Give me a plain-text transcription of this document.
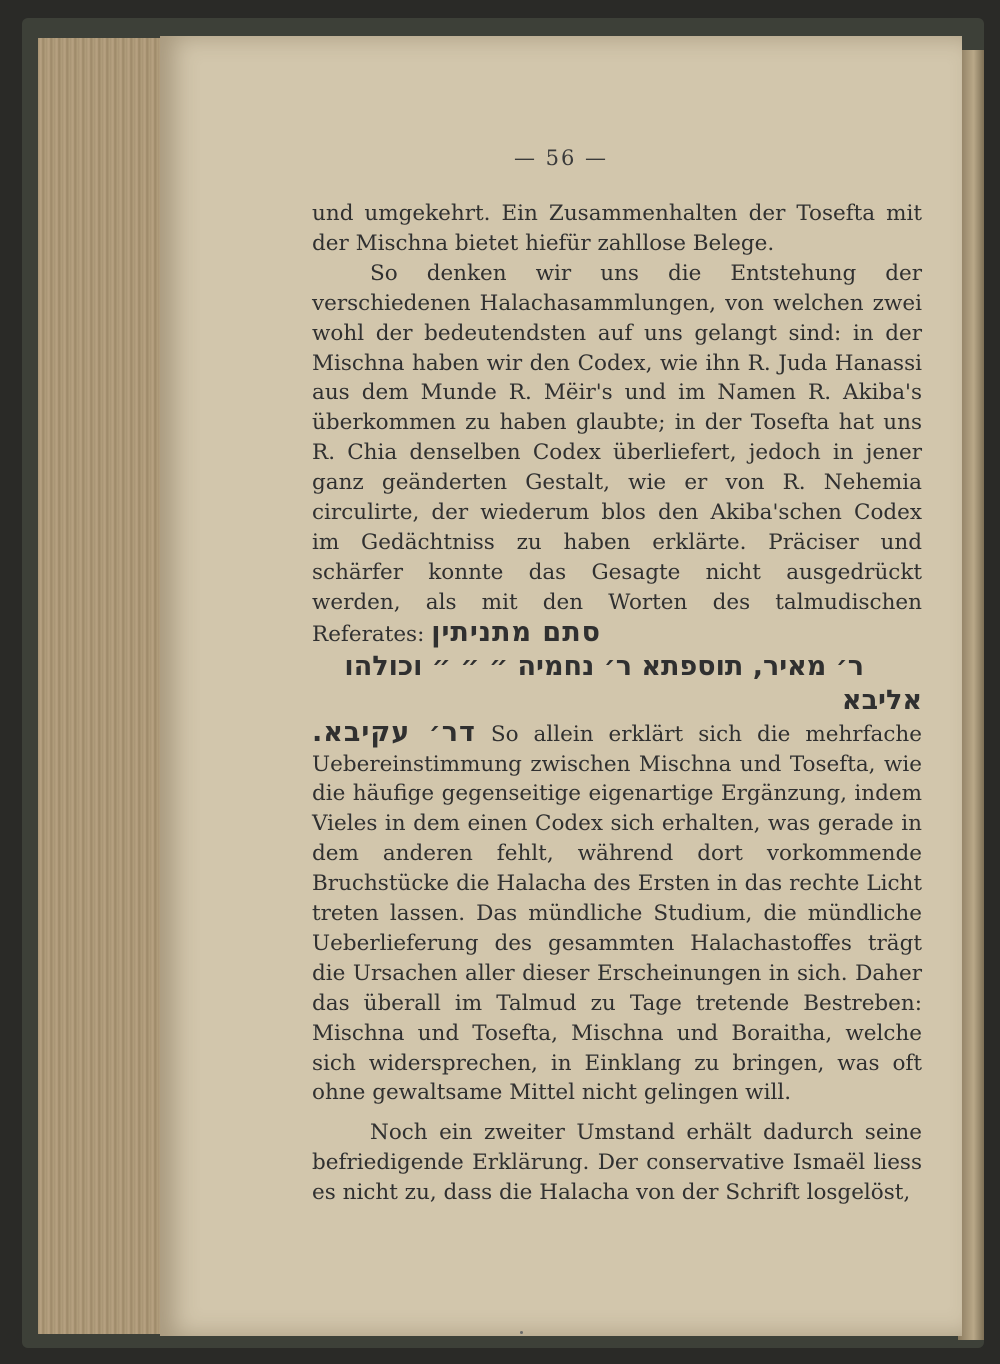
— 56 —

und umgekehrt. Ein Zusammenhalten der Tosefta mit der Mischna bietet hiefür zahllose Belege.

So denken wir uns die Entstehung der verschiedenen Halachasammlungen, von welchen zwei wohl der bedeutendsten auf uns gelangt sind: in der Mischna haben wir den Codex, wie ihn R. Juda Hanassi aus dem Munde R. Mëir's und im Namen R. Akiba's überkommen zu haben glaubte; in der Tosefta hat uns R. Chia denselben Codex überliefert, jedoch in jener ganz geänderten Gestalt, wie er von R. Nehemia circulirte, der wiederum blos den Akiba'schen Codex im Gedächtniss zu haben erklärte. Präciser und schärfer konnte das Gesagte nicht ausgedrückt werden, als mit den Worten des talmudischen Referates: סתם מתניתין
ר׳ מאיר, תוספתא ר׳ נחמיה ״ ״ ״ וכולהו אליבא
דר׳ עקיבא. So allein erklärt sich die mehrfache Uebereinstimmung zwischen Mischna und Tosefta, wie die häufige gegenseitige eigenartige Ergänzung, indem Vieles in dem einen Codex sich erhalten, was gerade in dem anderen fehlt, während dort vorkommende Bruchstücke die Halacha des Ersten in das rechte Licht treten lassen. Das mündliche Studium, die mündliche Ueberlieferung des gesammten Halachastoffes trägt die Ursachen aller dieser Erscheinungen in sich. Daher das überall im Talmud zu Tage tretende Bestreben: Mischna und Tosefta, Mischna und Boraitha, welche sich widersprechen, in Einklang zu bringen, was oft ohne gewaltsame Mittel nicht gelingen will.

Noch ein zweiter Umstand erhält dadurch seine befriedigende Erklärung. Der conservative Ismaël liess es nicht zu, dass die Halacha von der Schrift losgelöst,
